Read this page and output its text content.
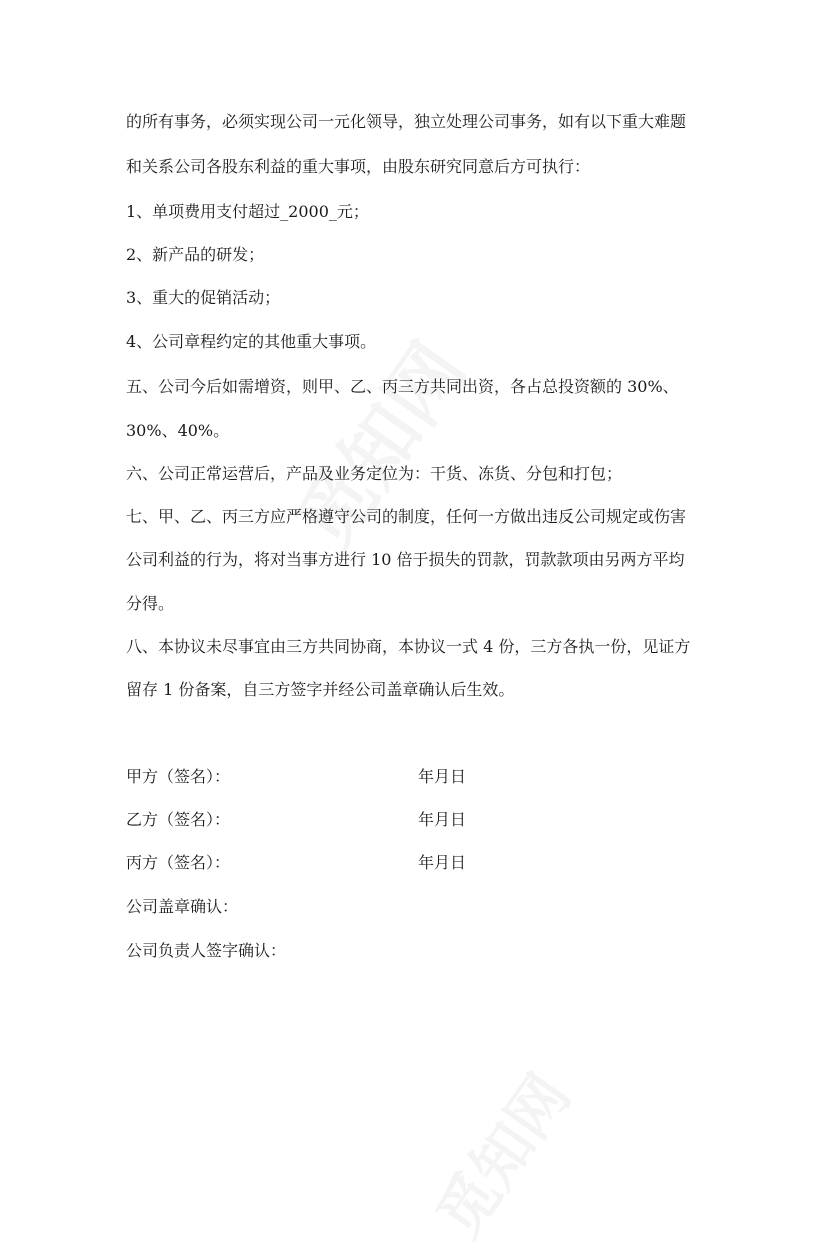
的所有事务，必须实现公司一元化领导，独立处理公司事务，如有以下重大难题
和关系公司各股东利益的重大事项，由股东研究同意后方可执行：
1、单项费用支付超过_2000_元；
2、新产品的研发；
3、重大的促销活动；
4、公司章程约定的其他重大事项。
五、公司今后如需增资，则甲、乙、丙三方共同出资，各占总投资额的 30%、
30%、40%。
六、公司正常运营后，产品及业务定位为：干货、冻货、分包和打包；
七、甲、乙、丙三方应严格遵守公司的制度，任何一方做出违反公司规定或伤害
公司利益的行为，将对当事方进行 10 倍于损失的罚款，罚款款项由另两方平均
分得。
八、本协议未尽事宜由三方共同协商，本协议一式 4 份，三方各执一份，见证方
留存 1 份备案，自三方签字并经公司盖章确认后生效。
甲方（签名）：	年月日
乙方（签名）：	年月日
丙方（签名）：	年月日
公司盖章确认：
公司负责人签字确认：
